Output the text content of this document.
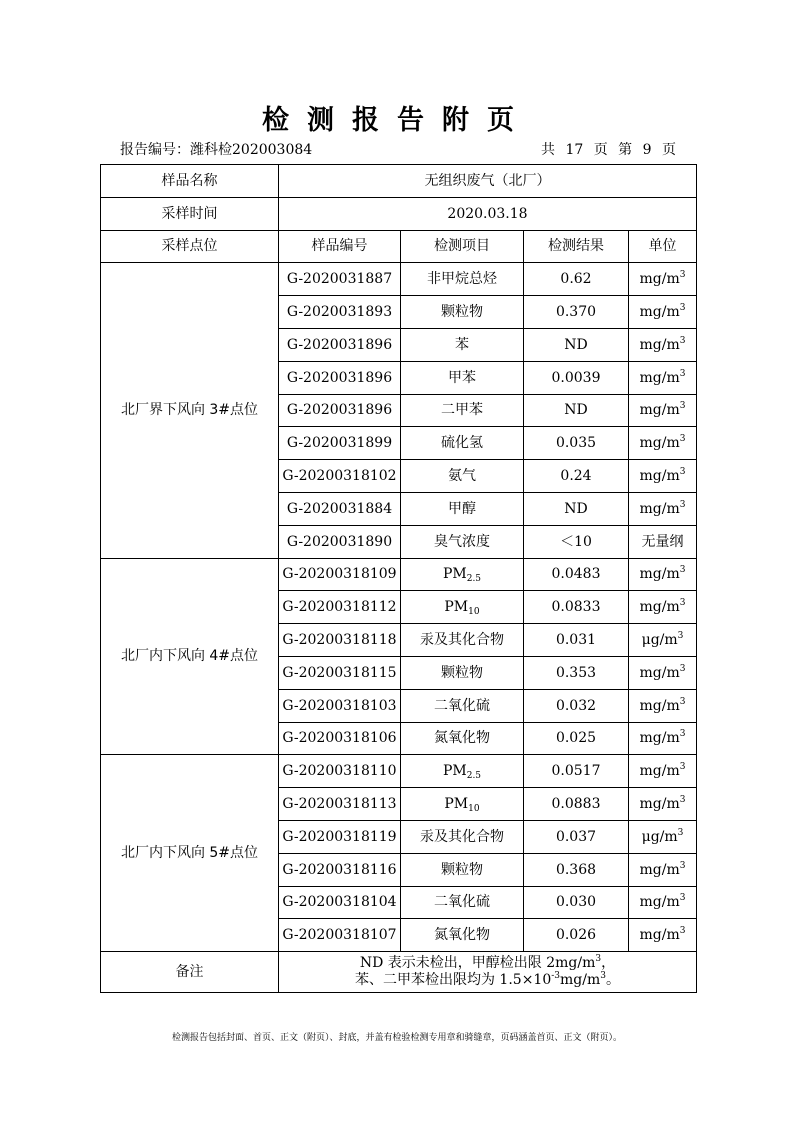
检测报告附页
报告编号：潍科检202003084	共 17 页 第 9 页
样品名称	无组织废气（北厂）			
采样时间	2020.03.18			
采样点位	样品编号	检测项目	检测结果	单位
北厂界下风向 3#点位	G-2020031887	非甲烷总烃	0.62	$mg/m^3$
	G-2020031893	颗粒物	0.370	$mg/m^3$
	G-2020031896	苯	ND	$mg/m^3$
	G-2020031896	甲苯	0.0039	$mg/m^3$
	G-2020031896	二甲苯	ND	$mg/m^3$
	G-2020031899	硫化氢	0.035	$mg/m^3$
	G-20200318102	氨气	0.24	$mg/m^3$
	G-2020031884	甲醇	ND	$mg/m^3$
	G-2020031890	臭气浓度	＜10	无量纲
北厂内下风向 4#点位	G-20200318109	$PM_{2.5}$	0.0483	$mg/m^3$
	G-20200318112	$PM_{10}$	0.0833	$mg/m^3$
	G-20200318118	汞及其化合物	0.031	$\mu g/m^3$
	G-20200318115	颗粒物	0.353	$mg/m^3$
	G-20200318103	二氧化硫	0.032	$mg/m^3$
	G-20200318106	氮氧化物	0.025	$mg/m^3$
北厂内下风向 5#点位	G-20200318110	$PM_{2.5}$	0.0517	$mg/m^3$
	G-20200318113	$PM_{10}$	0.0883	$mg/m^3$
	G-20200318119	汞及其化合物	0.037	$\mu g/m^3$
	G-20200318116	颗粒物	0.368	$mg/m^3$
	G-20200318104	二氧化硫	0.030	$mg/m^3$
	G-20200318107	氮氧化物	0.026	$mg/m^3$
备注	ND 表示未检出，甲醇检出限 $2mg/m^3$，
苯、二甲苯检出限均为 $1.5\times 10^{-3}mg/m^3$。			
检测报告包括封面、首页、正文（附页）、封底，并盖有检验检测专用章和骑缝章，页码涵盖首页、正文（附页）。
